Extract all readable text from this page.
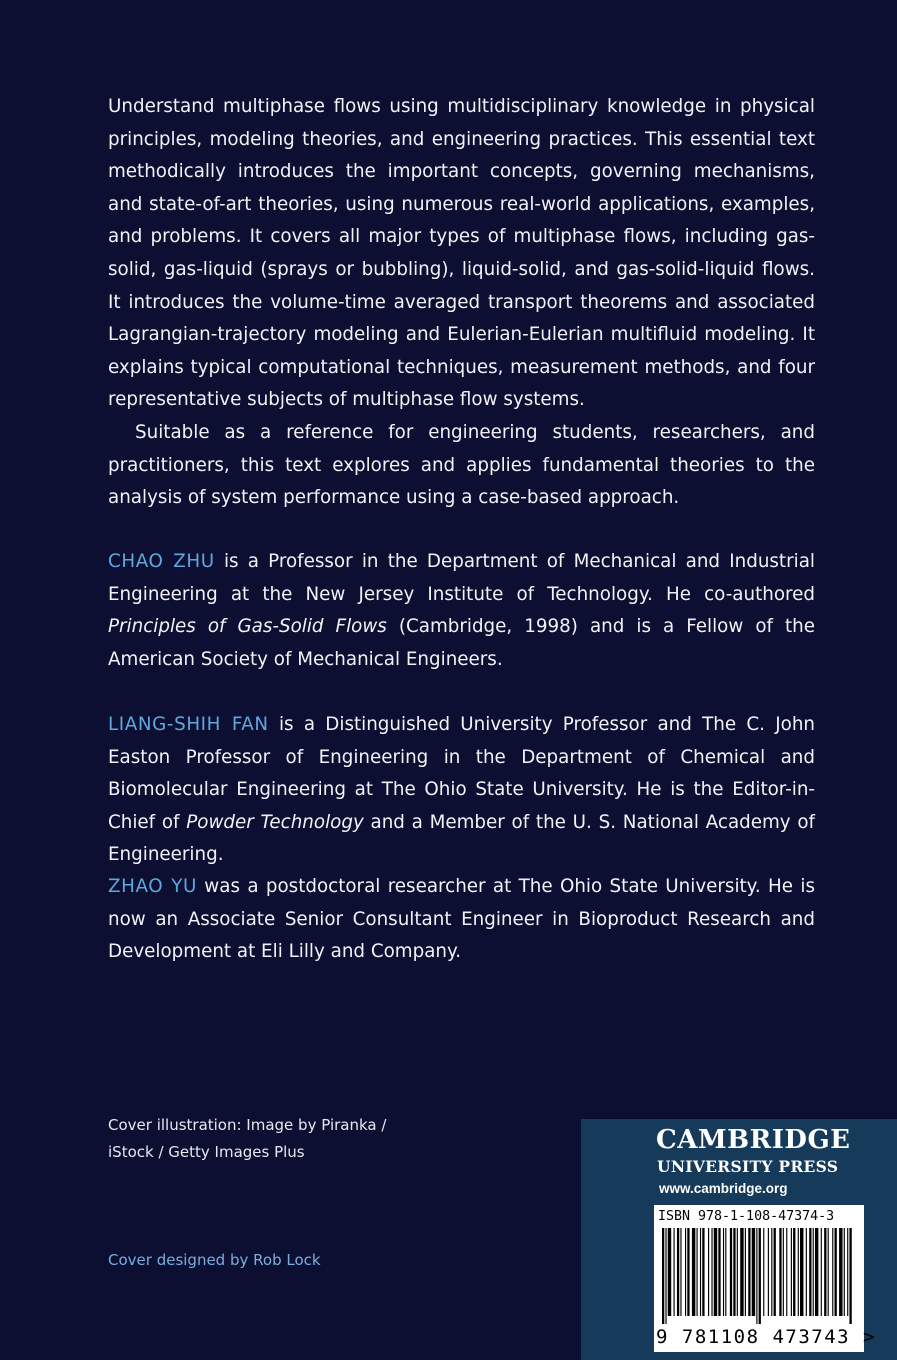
Understand multiphase flows using multidisciplinary knowledge in physical principles, modeling theories, and engineering practices. This essential text methodically introduces the important concepts, governing mechanisms, and state-of-art theories, using numerous real-world applications, examples, and problems. It covers all major types of multiphase flows, including gas-solid, gas-liquid (sprays or bubbling), liquid-solid, and gas-solid-liquid flows. It introduces the volume-time averaged transport theorems and associated Lagrangian-trajectory modeling and Eulerian-Eulerian multifluid modeling. It explains typical computational techniques, measurement methods, and four representative subjects of multiphase flow systems.

Suitable as a reference for engineering students, researchers, and practitioners, this text explores and applies fundamental theories to the analysis of system performance using a case-based approach.

CHAO ZHU is a Professor in the Department of Mechanical and Industrial Engineering at the New Jersey Institute of Technology. He co-authored Principles of Gas-Solid Flows (Cambridge, 1998) and is a Fellow of the American Society of Mechanical Engineers.

LIANG-SHIH FAN is a Distinguished University Professor and The C. John Easton Professor of Engineering in the Department of Chemical and Biomolecular Engineering at The Ohio State University. He is the Editor-in-Chief of Powder Technology and a Member of the U. S. National Academy of Engineering.

ZHAO YU was a postdoctoral researcher at The Ohio State University. He is now an Associate Senior Consultant Engineer in Bioproduct Research and Development at Eli Lilly and Company.

Cover illustration: Image by Piranka /
iStock / Getty Images Plus
Cover designed by Rob Lock
CAMBRIDGE
UNIVERSITY PRESS
www.cambridge.org
ISBN 978-1-108-47374-3
9 781108 473743 >
